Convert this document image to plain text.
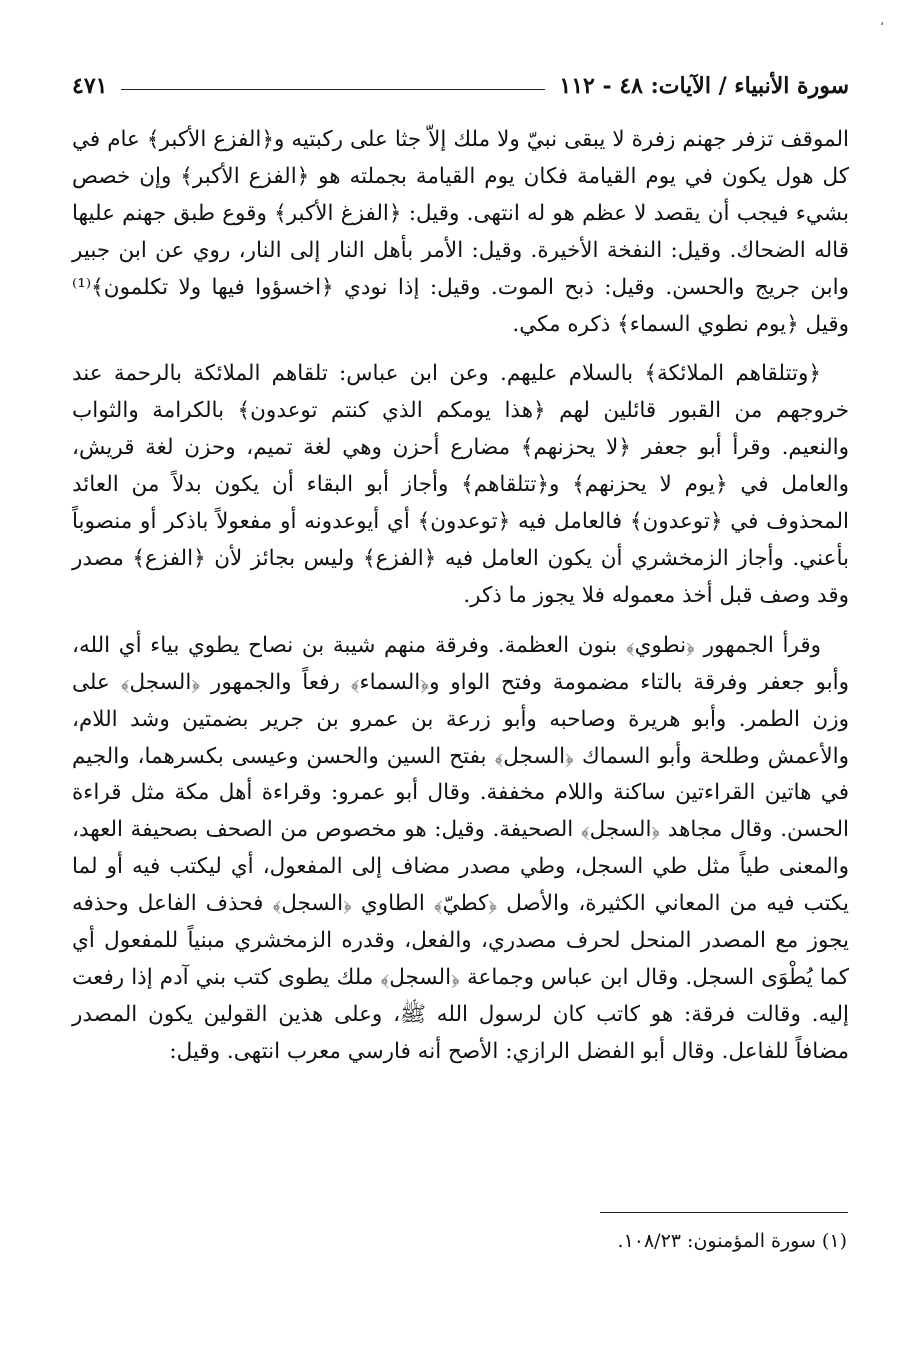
،
٤٧١	سورة الأنبياء / الآيات: ٤٨ - ١١٢

الموقف تزفر جهنم زفرة لا يبقى نبيّ ولا ملك إلاّ جثا على ركبتيه و﴿الفزع الأكبر﴾ عام في كل هول يكون في يوم القيامة فكان يوم القيامة بجملته هو ﴿الفزع الأكبر﴾ وإن خصص بشيء فيجب أن يقصد لا عظم هو له انتهى. وقيل: ﴿الفزغ الأكبر﴾ وقوع طبق جهنم عليها قاله الضحاك. وقيل: النفخة الأخيرة. وقيل: الأمر بأهل النار إلى النار، روي عن ابن جبير وابن جريج والحسن. وقيل: ذبح الموت. وقيل: إذا نودي ﴿اخسؤوا فيها ولا تكلمون﴾⁽¹⁾ وقيل ﴿يوم نطوي السماء﴾ ذكره مكي.

﴿وتتلقاهم الملائكة﴾ بالسلام عليهم. وعن ابن عباس: تلقاهم الملائكة بالرحمة عند خروجهم من القبور قائلين لهم ﴿هذا يومكم الذي كنتم توعدون﴾ بالكرامة والثواب والنعيم. وقرأ أبو جعفر ﴿لا يحزنهم﴾ مضارع أحزن وهي لغة تميم، وحزن لغة قريش، والعامل في ﴿يوم لا يحزنهم﴾ و﴿تتلقاهم﴾ وأجاز أبو البقاء أن يكون بدلاً من العائد المحذوف في ﴿توعدون﴾ فالعامل فيه ﴿توعدون﴾ أي أيوعدونه أو مفعولاً باذكر أو منصوباً بأعني. وأجاز الزمخشري أن يكون العامل فيه ﴿الفزع﴾ وليس بجائز لأن ﴿الفزع﴾ مصدر وقد وصف قبل أخذ معموله فلا يجوز ما ذكر.

وقرأ الجمهور ﴿نطوي﴾ بنون العظمة. وفرقة منهم شيبة بن نصاح يطوي بياء أي الله، وأبو جعفر وفرقة بالتاء مضمومة وفتح الواو و﴿السماء﴾ رفعاً والجمهور ﴿السجل﴾ على وزن الطمر. وأبو هريرة وصاحبه وأبو زرعة بن عمرو بن جرير بضمتين وشد اللام، والأعمش وطلحة وأبو السماك ﴿السجل﴾ بفتح السين والحسن وعيسى بكسرهما، والجيم في هاتين القراءتين ساكنة واللام مخففة. وقال أبو عمرو: وقراءة أهل مكة مثل قراءة الحسن. وقال مجاهد ﴿السجل﴾ الصحيفة. وقيل: هو مخصوص من الصحف بصحيفة العهد، والمعنى طياً مثل طي السجل، وطي مصدر مضاف إلى المفعول، أي ليكتب فيه أو لما يكتب فيه من المعاني الكثيرة، والأصل ﴿كطيّ﴾ الطاوي ﴿السجل﴾ فحذف الفاعل وحذفه يجوز مع المصدر المنحل لحرف مصدري، والفعل، وقدره الزمخشري مبنياً للمفعول أي كما يُطْوَى السجل. وقال ابن عباس وجماعة ﴿السجل﴾ ملك يطوى كتب بني آدم إذا رفعت إليه. وقالت فرقة: هو كاتب كان لرسول الله ﷺ، وعلى هذين القولين يكون المصدر مضافاً للفاعل. وقال أبو الفضل الرازي: الأصح أنه فارسي معرب انتهى. وقيل:

(١) سورة المؤمنون: ١٠٨/٢٣.
